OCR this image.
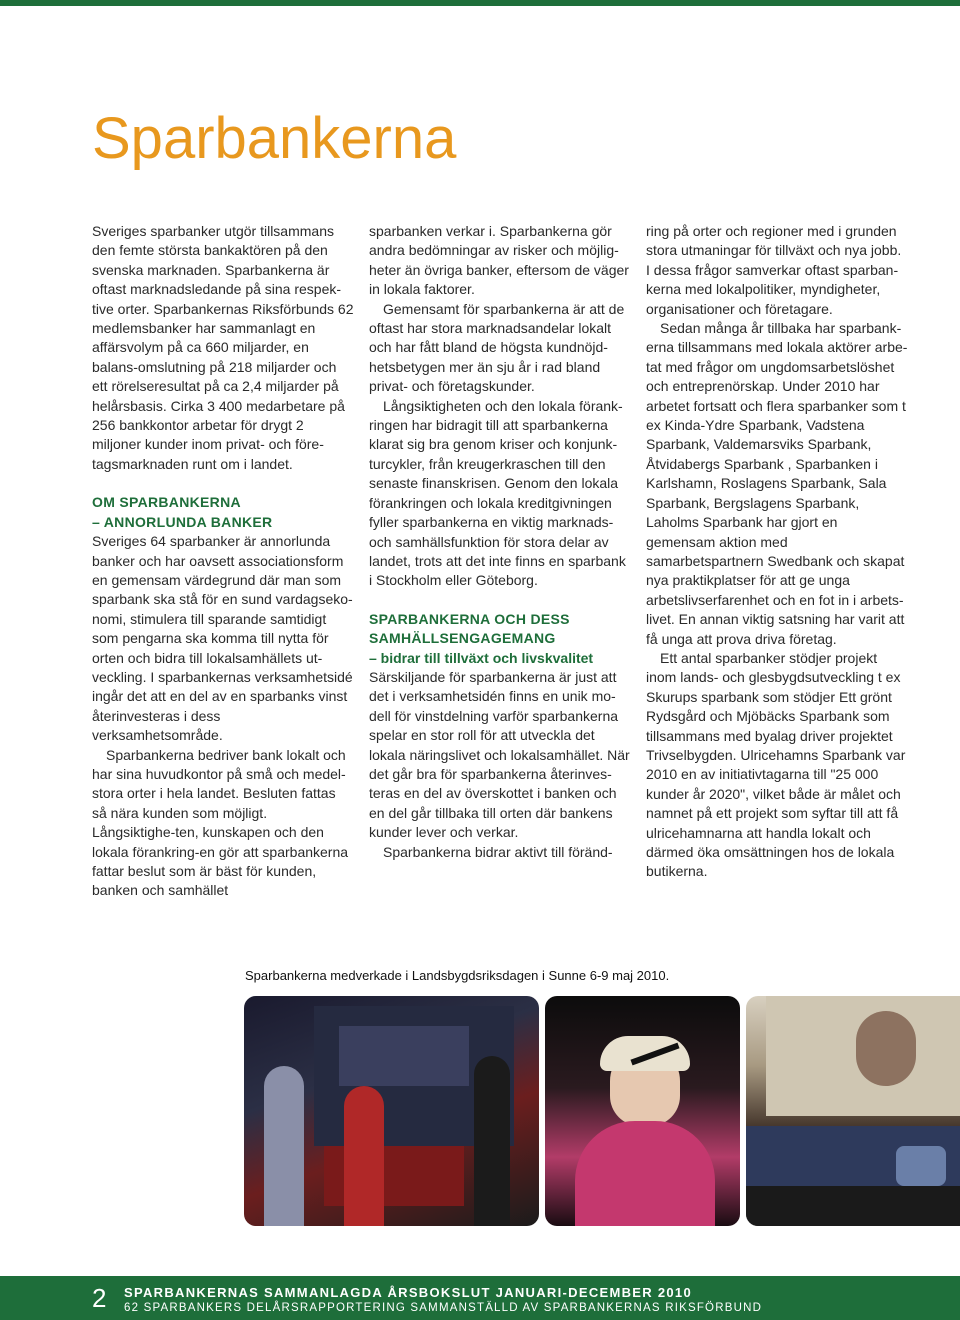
Sparbankerna

Sveriges sparbanker utgör tillsammans den femte största bankaktören på den svenska marknaden. Sparbankerna är oftast marknadsledande på sina respek-tive orter. Sparbankernas Riksförbunds 62 medlemsbanker har sammanlagt en affärsvolym på ca 660 miljarder, en balans-omslutning på 218 miljarder och ett rörelseresultat på ca 2,4 miljarder på helårsbasis. Cirka 3 400 medarbetare på 256 bankkontor arbetar för drygt 2 miljoner kunder inom privat- och före-tagsmarknaden runt om i landet.

OM SPARBANKERNA

– ANNORLUNDA BANKER

Sveriges 64 sparbanker är annorlunda banker och har oavsett associationsform en gemensam värdegrund där man som sparbank ska stå för en sund vardagseko-nomi, stimulera till sparande samtidigt som pengarna ska komma till nytta för orten och bidra till lokalsamhällets ut-veckling. I sparbankernas verksamhetsidé ingår det att en del av en sparbanks vinst återinvesteras i dess verksamhetsområde.

Sparbankerna bedriver bank lokalt och har sina huvudkontor på små och medel-stora orter i hela landet. Besluten fattas så nära kunden som möjligt. Långsiktighe-ten, kunskapen och den lokala förankring-en gör att sparbankerna fattar beslut som är bäst för kunden, banken och samhället

sparbanken verkar i. Sparbankerna gör andra bedömningar av risker och möjlig-heter än övriga banker, eftersom de väger in lokala faktorer.

Gemensamt för sparbankerna är att de oftast har stora marknadsandelar lokalt och har fått bland de högsta kundnöjd-hetsbetygen mer än sju år i rad bland privat- och företagskunder.

Långsiktigheten och den lokala förank-ringen har bidragit till att sparbankerna klarat sig bra genom kriser och konjunk-turcykler, från kreugerkraschen till den senaste finanskrisen. Genom den lokala förankringen och lokala kreditgivningen fyller sparbankerna en viktig marknads-och samhällsfunktion för stora delar av landet, trots att det inte finns en sparbank i Stockholm eller Göteborg.

SPARBANKERNA OCH DESS

SAMHÄLLSENGAGEMANG

– bidrar till tillväxt och livskvalitet

Särskiljande för sparbankerna är just att det i verksamhetsidén finns en unik mo-dell för vinstdelning varför sparbankerna spelar en stor roll för att utveckla det lokala näringslivet och lokalsamhället. När det går bra för sparbankerna återinves-teras en del av överskottet i banken och en del går tillbaka till orten där bankens kunder lever och verkar.

Sparbankerna bidrar aktivt till föränd-

ring på orter och regioner med i grunden stora utmaningar för tillväxt och nya jobb. I dessa frågor samverkar oftast sparban-kerna med lokalpolitiker, myndigheter, organisationer och företagare.

Sedan många år tillbaka har sparbank-erna tillsammans med lokala aktörer arbe-tat med frågor om ungdomsarbetslöshet och entreprenörskap. Under 2010 har arbetet fortsatt och flera sparbanker som t ex Kinda-Ydre Sparbank, Vadstena Sparbank, Valdemarsviks Sparbank, Åtvidabergs Sparbank , Sparbanken i Karlshamn, Roslagens Sparbank, Sala Sparbank, Bergslagens Sparbank, Laholms Sparbank har gjort en gemensam aktion med samarbetspartnern Swedbank och skapat nya praktikplatser för att ge unga arbetslivserfarenhet och en fot in i arbets-livet. En annan viktig satsning har varit att få unga att prova driva företag.

Ett antal sparbanker stödjer projekt inom lands- och glesbygdsutveckling t ex Skurups sparbank som stödjer Ett grönt Rydsgård och Mjöbäcks Sparbank som tillsammans med byalag driver projektet Trivselbygden. Ulricehamns Sparbank var 2010 en av initiativtagarna till "25 000 kunder år 2020", vilket både är målet och namnet på ett projekt som syftar till att få ulricehamnarna att handla lokalt och därmed öka omsättningen hos de lokala butikerna.

Sparbankerna medverkade i Landsbygdsriksdagen i Sunne 6-9 maj 2010.
2 SPARBANKERNAS SAMMANLAGDA ÅRSBOKSLUT JANUARI-DECEMBER 2010
62 SPARBANKERS DELÅRSRAPPORTERING SAMMANSTÄLLD AV SPARBANKERNAS RIKSFÖRBUND
